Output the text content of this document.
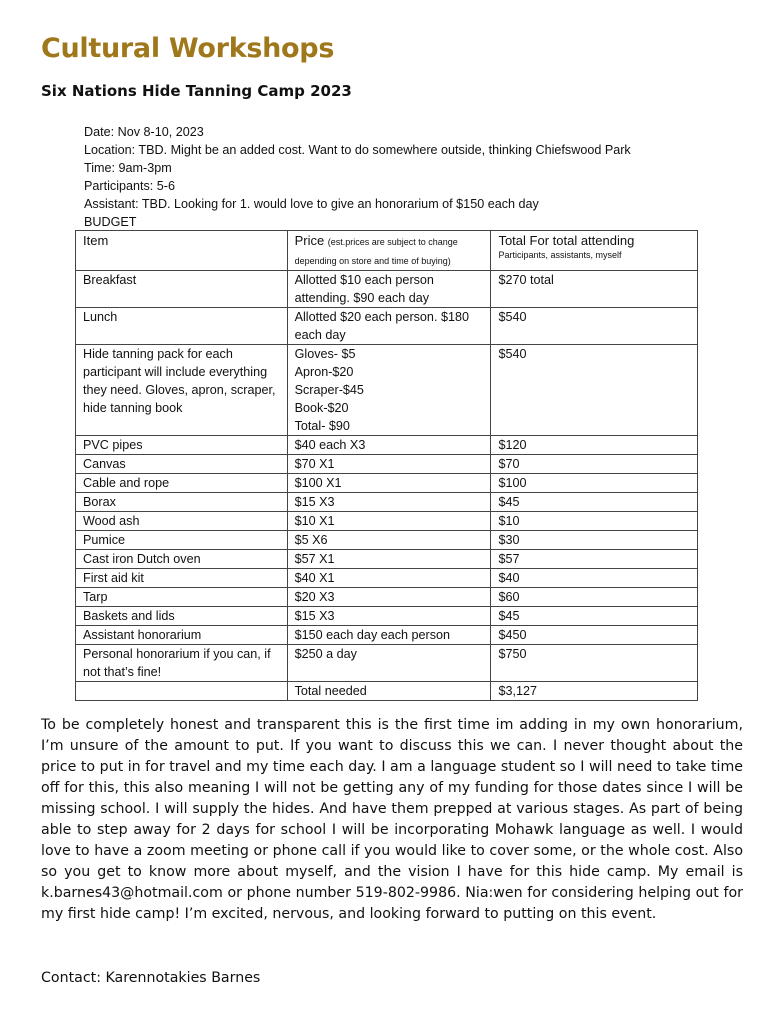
Cultural Workshops
Six Nations Hide Tanning Camp 2023
Date: Nov 8-10, 2023
Location: TBD. Might be an added cost. Want to do somewhere outside, thinking Chiefswood Park
Time: 9am-3pm
Participants: 5-6
Assistant: TBD. Looking for 1. would love to give an honorarium of $150 each day
BUDGET
Item	Price (est.prices are subject to change depending on store and time of buying)	Total For total attending
Participants, assistants, myself

Breakfast	Allotted $10 each person attending. $90 each day	$270 total
Lunch	Allotted $20 each person. $180 each day	$540
Hide tanning pack for each participant will include everything they need. Gloves, apron, scraper, hide tanning book	Gloves- $5
Apron-$20
Scraper-$45
Book-$20
Total- $90	$540
PVC pipes	$40 each X3	$120
Canvas	$70 X1	$70
Cable and rope	$100 X1	$100
Borax	$15 X3	$45
Wood ash	$10 X1	$10
Pumice	$5 X6	$30
Cast iron Dutch oven	$57 X1	$57
First aid kit	$40 X1	$40
Tarp	$20 X3	$60
Baskets and lids	$15 X3	$45
Assistant honorarium	$150 each day each person	$450
Personal honorarium if you can, if not that’s fine!	$250 a day	$750
	Total needed	$3,127

To be completely honest and transparent this is the first time im adding in my own honorarium, I’m unsure of the amount to put. If you want to discuss this we can. I never thought about the price to put in for travel and my time each day. I am a language student so I will need to take time off for this, this also meaning I will not be getting any of my funding for those dates since I will be missing school. I will supply the hides. And have them prepped at various stages. As part of being able to step away for 2 days for school I will be incorporating Mohawk language as well. I would love to have a zoom meeting or phone call if you would like to cover some, or the whole cost. Also so you get to know more about myself, and the vision I have for this hide camp. My email is k.barnes43@hotmail.com or phone number 519-802-9986. Nia:wen for considering helping out for my first hide camp! I’m excited, nervous, and looking forward to putting on this event.

Contact: Karennotakies Barnes
